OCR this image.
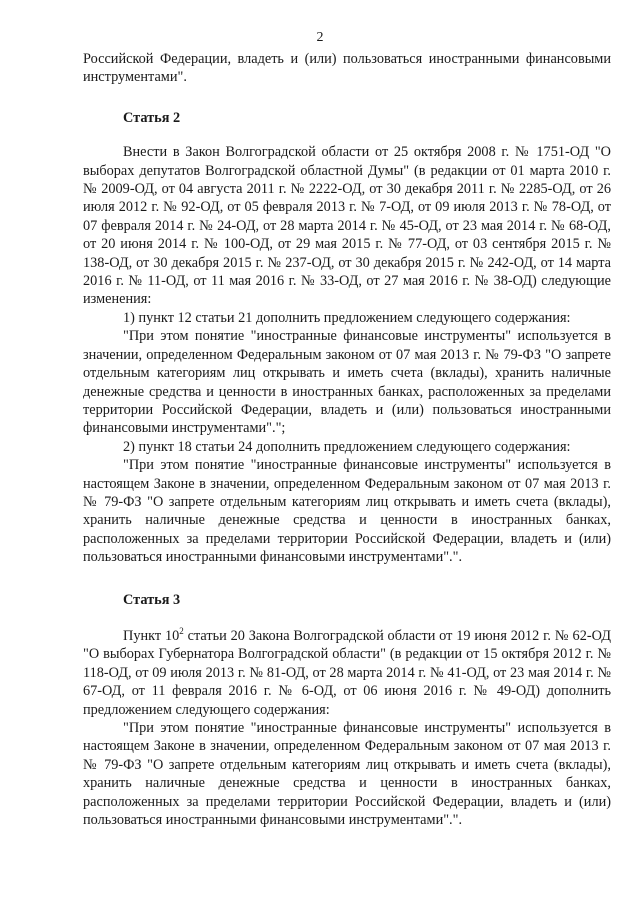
2

Российской Федерации, владеть и (или) пользоваться иностранными финансовыми инструментами".

Статья 2

Внести в Закон Волгоградской области от 25 октября 2008 г. № 1751-ОД "О выборах депутатов Волгоградской областной Думы" (в редакции от 01 марта 2010 г. № 2009-ОД, от 04 августа 2011 г. № 2222-ОД, от 30 декабря 2011 г. № 2285-ОД, от 26 июля 2012 г. № 92-ОД, от 05 февраля 2013 г. № 7-ОД, от 09 июля 2013 г. № 78-ОД, от 07 февраля 2014 г. № 24-ОД, от 28 марта 2014 г. № 45-ОД, от 23 мая 2014 г. № 68-ОД, от 20 июня 2014 г. № 100-ОД, от 29 мая 2015 г. № 77-ОД, от 03 сентября 2015 г. № 138-ОД, от 30 декабря 2015 г. № 237-ОД, от 30 декабря 2015 г. № 242-ОД, от 14 марта 2016 г. № 11-ОД, от 11 мая 2016 г. № 33-ОД, от 27 мая 2016 г. № 38-ОД) следующие изменения:

1) пункт 12 статьи 21 дополнить предложением следующего содержания:

"При этом понятие "иностранные финансовые инструменты" используется в значении, определенном Федеральным законом от 07 мая 2013 г. № 79-ФЗ "О запрете отдельным категориям лиц открывать и иметь счета (вклады), хранить наличные денежные средства и ценности в иностранных банках, расположенных за пределами территории Российской Федерации, владеть и (или) пользоваться иностранными финансовыми инструментами".";

2) пункт 18 статьи 24 дополнить предложением следующего содержания:

"При этом понятие "иностранные финансовые инструменты" используется в настоящем Законе в значении, определенном Федеральным законом от 07 мая 2013 г. № 79-ФЗ "О запрете отдельным категориям лиц открывать и иметь счета (вклады), хранить наличные денежные средства и ценности в иностранных банках, расположенных за пределами территории Российской Федерации, владеть и (или) пользоваться иностранными финансовыми инструментами".".

Статья 3

Пункт $10^2$ статьи 20 Закона Волгоградской области от 19 июня 2012 г. № 62-ОД "О выборах Губернатора Волгоградской области" (в редакции от 15 октября 2012 г. № 118-ОД, от 09 июля 2013 г. № 81-ОД, от 28 марта 2014 г. № 41-ОД, от 23 мая 2014 г. № 67-ОД, от 11 февраля 2016 г. № 6-ОД, от 06 июня 2016 г. № 49-ОД) дополнить предложением следующего содержания:

"При этом понятие "иностранные финансовые инструменты" используется в настоящем Законе в значении, определенном Федеральным законом от 07 мая 2013 г. № 79-ФЗ "О запрете отдельным категориям лиц открывать и иметь счета (вклады), хранить наличные денежные средства и ценности в иностранных банках, расположенных за пределами территории Российской Федерации, владеть и (или) пользоваться иностранными финансовыми инструментами".".
